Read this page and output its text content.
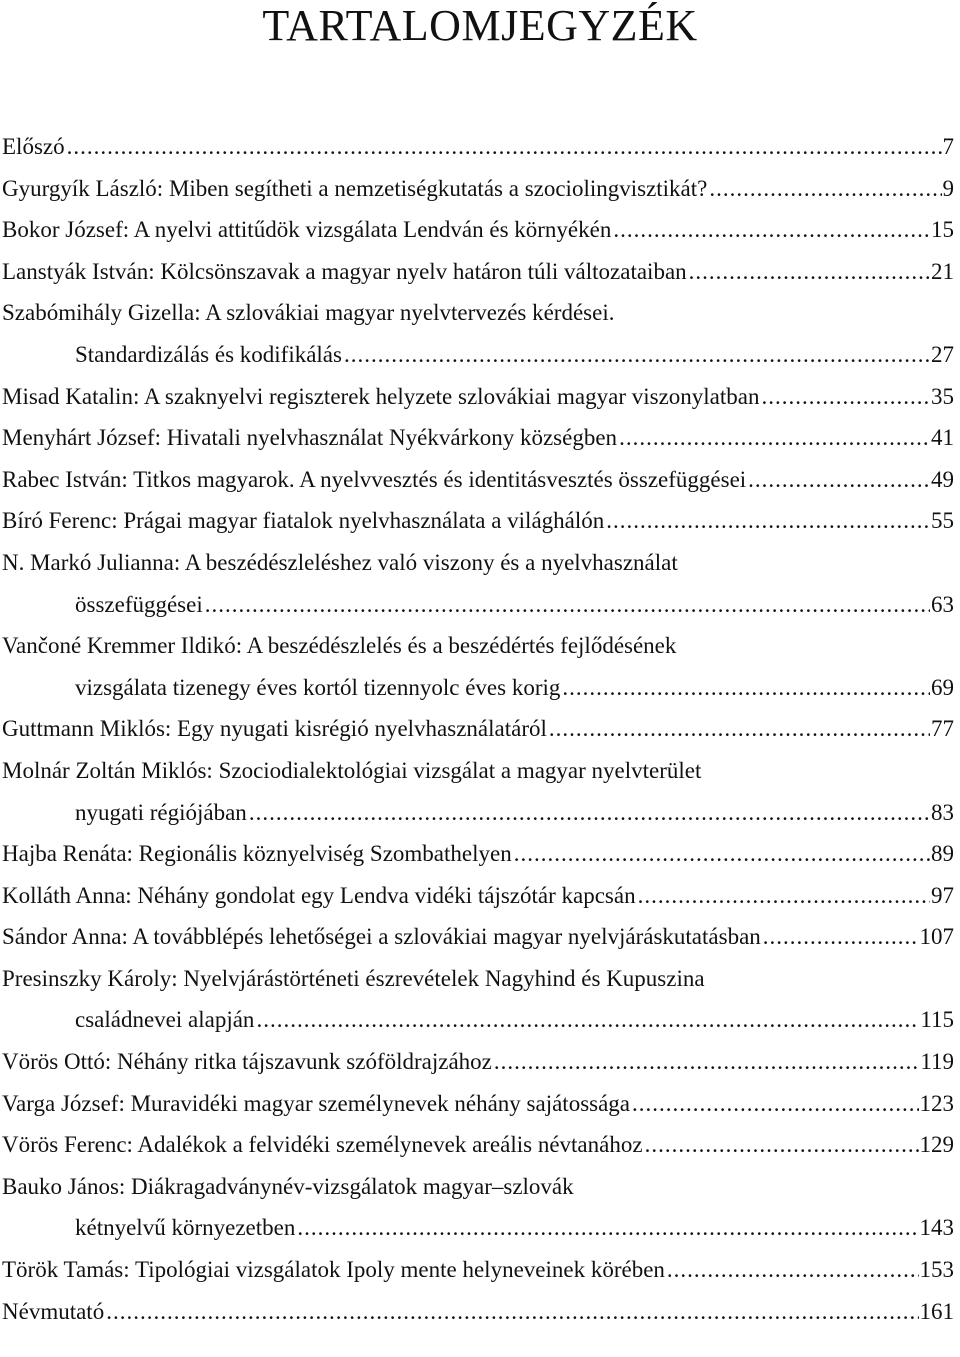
TARTALOMJEGYZÉK
Előszó .....	7
Gyurgyík László: Miben segítheti a nemzetiségkutatás a szociolingvisztikát? .....	9
Bokor József: A nyelvi attitűdök vizsgálata Lendván és környékén .....	15
Lanstyák István: Kölcsönszavak a magyar nyelv határon túli változataiban .....	21
Szabómihály Gizella: A szlovákiai magyar nyelvtervezés kérdései.
Standardizálás és kodifikálás .....	27
Misad Katalin: A szaknyelvi regiszterek helyzete szlovákiai magyar viszonylatban .....	35
Menyhárt József: Hivatali nyelvhasználat Nyékvárkony községben .....	41
Rabec István: Titkos magyarok. A nyelvvesztés és identitásvesztés összefüggései .....	49
Bíró Ferenc: Prágai magyar fiatalok nyelvhasználata a világhálón .....	55
N. Markó Julianna: A beszédészleléshez való viszony és a nyelvhasználat
összefüggései .....	63
Vančoné Kremmer Ildikó: A beszédészlelés és a beszédértés fejlődésének
vizsgálata tizenegy éves kortól tizennyolc éves korig .....	69
Guttmann Miklós: Egy nyugati kisrégió nyelvhasználatáról .....	77
Molnár Zoltán Miklós: Szociodialektológiai vizsgálat a magyar nyelvterület
nyugati régiójában .....	83
Hajba Renáta: Regionális köznyelviség Szombathelyen .....	89
Kolláth Anna: Néhány gondolat egy Lendva vidéki tájszótár kapcsán .....	97
Sándor Anna: A továbblépés lehetőségei a szlovákiai magyar nyelvjáráskutatásban .....	107
Presinszky Károly: Nyelvjárástörténeti észrevételek Nagyhind és Kupuszina
családnevei alapján .....	115
Vörös Ottó: Néhány ritka tájszavunk szóföldrajzához .....	119
Varga József: Muravidéki magyar személynevek néhány sajátossága .....	123
Vörös Ferenc: Adalékok a felvidéki személynevek areális névtanához .....	129
Bauko János: Diákragadványnév-vizsgálatok magyar–szlovák
kétnyelvű környezetben .....	143
Török Tamás: Tipológiai vizsgálatok Ipoly mente helyneveinek körében .....	153
Névmutató .....	161
